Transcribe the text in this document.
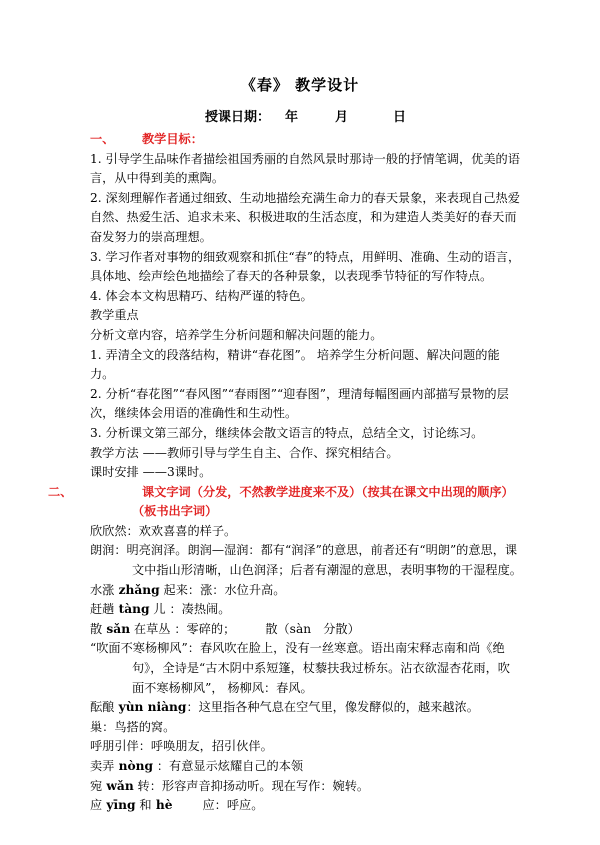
《春》 教学设计
授课日期： 年	月	日

一、 教学目标：

1. 引导学生品味作者描绘祖国秀丽的自然风景时那诗一般的抒情笔调，优美的语言，从中得到美的熏陶。

2. 深刻理解作者通过细致、生动地描绘充满生命力的春天景象，来表现自己热爱自然、热爱生活、追求未来、积极进取的生活态度，和为建造人类美好的春天而奋发努力的崇高理想。

3. 学习作者对事物的细致观察和抓住“春”的特点，用鲜明、准确、生动的语言，具体地、绘声绘色地描绘了春天的各种景象，以表现季节特征的写作特点。

4. 体会本文构思精巧、结构严谨的特色。

教学重点

分析文章内容，培养学生分析问题和解决问题的能力。

1. 弄清全文的段落结构，精讲“春花图”。 培养学生分析问题、解决问题的能力。

2. 分析“春花图”“春风图”“春雨图”“迎春图”，理清每幅图画内部描写景物的层次，继续体会用语的准确性和生动性。

3. 分析课文第三部分，继续体会散文语言的特点，总结全文，讨论练习。

教学方法 ——教师引导与学生自主、合作、探究相结合。

课时安排 ——3课时。

二、	课文字词（分发，不然教学进度来不及）（按其在课文中出现的顺序）（板书出字词）

欣欣然：欢欢喜喜的样子。

朗润：明亮润泽。朗润—湿润：都有“润泽”的意思，前者还有“明朗”的意思，课文中指山形清晰，山色润泽；后者有潮湿的意思，表明事物的干湿程度。

水涨 zhǎng 起来：涨：水位升高。

赶趟 tàng 儿 ：凑热闹。

散 sǎn 在草丛 ：零碎的； 散（sàn　分散）

“吹面不寒杨柳风”：春风吹在脸上，没有一丝寒意。语出南宋释志南和尚《绝句》，全诗是“古木阴中系短篷，杖藜扶我过桥东。沾衣欲湿杏花雨，吹面不寒杨柳风”， 杨柳风：春风。

酝酿 yùn niàng：这里指各种气息在空气里，像发酵似的，越来越浓。

巢：鸟搭的窝。

呼朋引伴：呼唤朋友，招引伙伴。

卖弄 nòng ：有意显示炫耀自己的本领

宛 wǎn 转：形容声音抑扬动听。现在写作：婉转。

应 yīng 和 hè 应：呼应。
